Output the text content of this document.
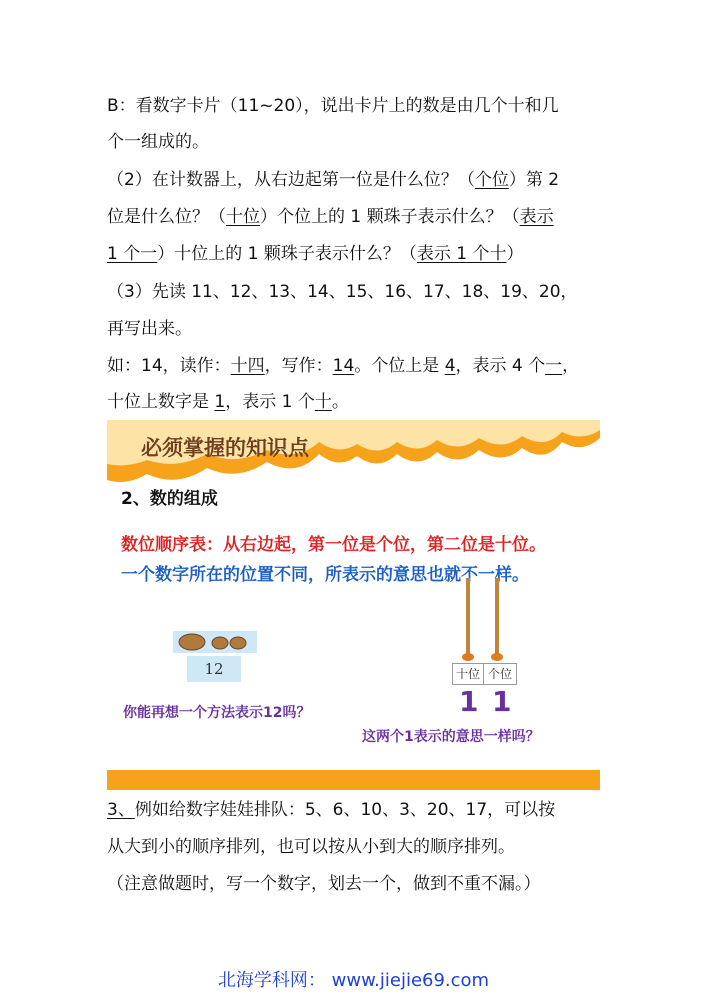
B：看数字卡片（11~20），说出卡片上的数是由几个十和几
个一组成的。
（2）在计数器上，从右边起第一位是什么位？（个位）第 2
位是什么位？（十位）个位上的 1 颗珠子表示什么？（表示
1 个一）十位上的 1 颗珠子表示什么？（表示 1 个十）
（3）先读 11、12、13、14、15、16、17、18、19、20，
再写出来。
如：14，读作：十四，写作：14。个位上是 4，表示 4 个一，
十位上数字是 1，表示 1 个十。
必须掌握的知识点
2、数的组成
数位顺序表：从右边起，第一位是个位，第二位是十位。
一个数字所在的位置不同，所表示的意思也就不一样。
12	十位 个位
1 1
你能再想一个方法表示12吗？
这两个1表示的意思一样吗？
3、例如给数字娃娃排队：5、6、10、3、20、17，可以按
从大到小的顺序排列，也可以按从小到大的顺序排列。
（注意做题时，写一个数字，划去一个，做到不重不漏。）
北海学科网： www.jiejie69.com
